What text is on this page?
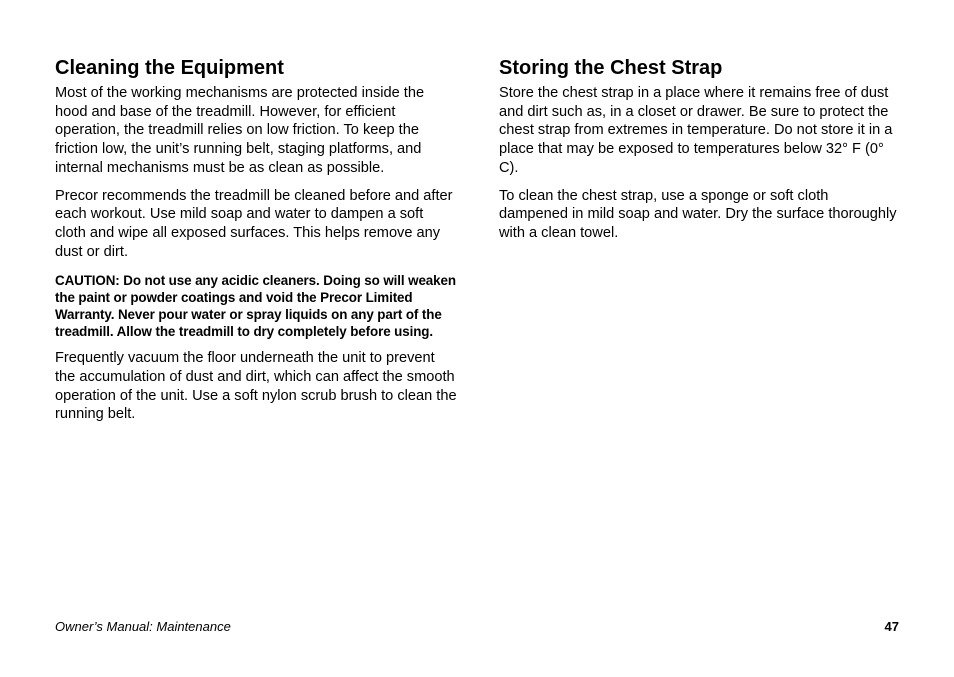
Cleaning the Equipment

Most of the working mechanisms are protected inside the hood and base of the treadmill. However, for efficient operation, the treadmill relies on low friction. To keep the friction low, the unit’s running belt, staging platforms, and internal mechanisms must be as clean as possible.

Precor recommends the treadmill be cleaned before and after each workout. Use mild soap and water to dampen a soft cloth and wipe all exposed surfaces. This helps remove any dust or dirt.

CAUTION: Do not use any acidic cleaners. Doing so will weaken the paint or powder coatings and void the Precor Limited Warranty. Never pour water or spray liquids on any part of the treadmill. Allow the treadmill to dry completely before using.

Frequently vacuum the floor underneath the unit to prevent the accumulation of dust and dirt, which can affect the smooth operation of the unit. Use a soft nylon scrub brush to clean the running belt.

Storing the Chest Strap

Store the chest strap in a place where it remains free of dust and dirt such as, in a closet or drawer. Be sure to protect the chest strap from extremes in temperature. Do not store it in a place that may be exposed to temperatures below 32° F (0° C).

To clean the chest strap, use a sponge or soft cloth dampened in mild soap and water. Dry the surface thoroughly with a clean towel.

Owner’s Manual: Maintenance	47
